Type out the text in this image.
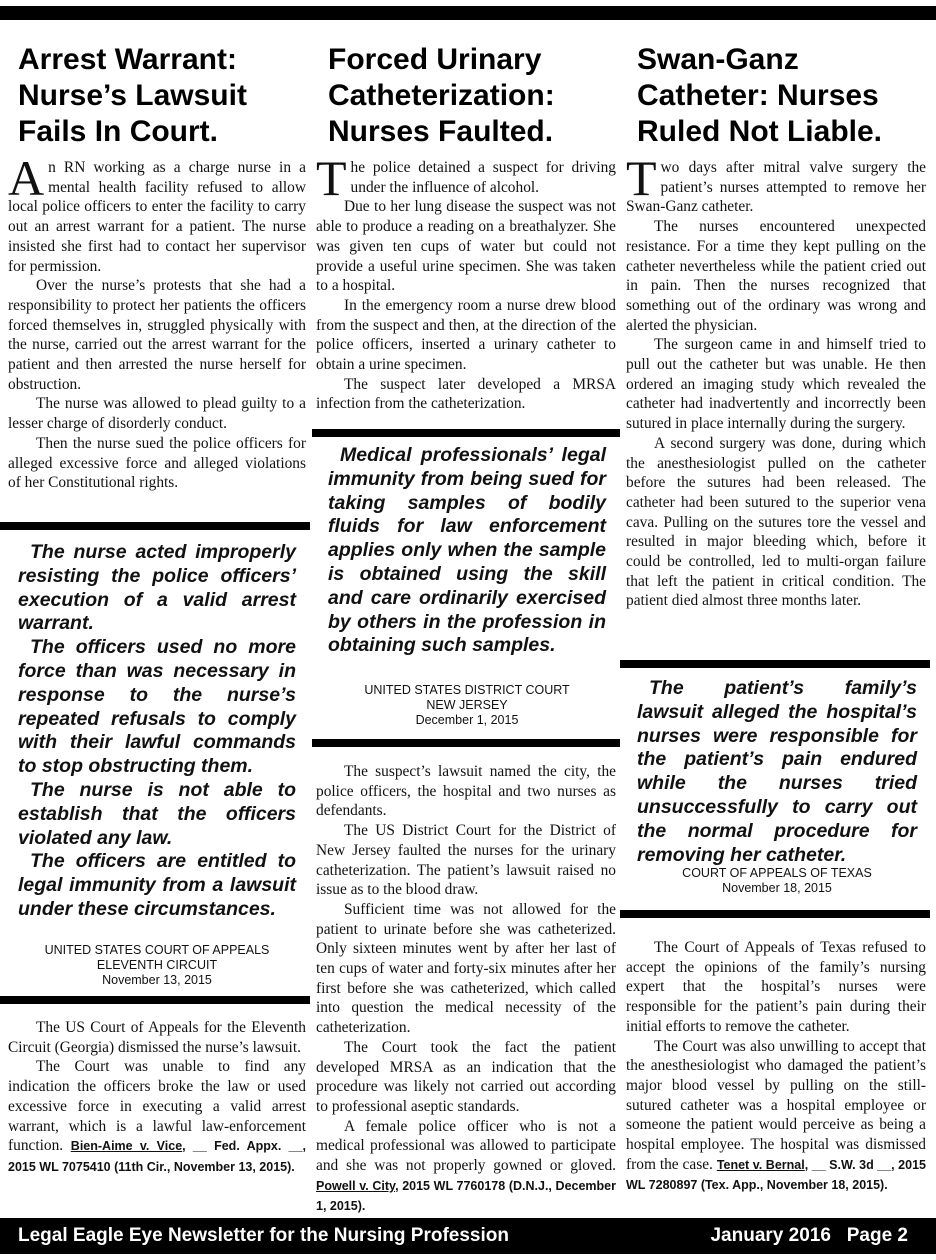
Arrest Warrant:
Nurse’s Lawsuit
Fails In Court.

An RN working as a charge nurse in a mental health facility refused to allow local police officers to enter the facility to carry out an arrest warrant for a patient. The nurse insisted she first had to contact her supervisor for permission.

Over the nurse’s protests that she had a responsibility to protect her patients the officers forced themselves in, struggled physically with the nurse, carried out the arrest warrant for the patient and then arrested the nurse herself for obstruction.

The nurse was allowed to plead guilty to a lesser charge of disorderly conduct.

Then the nurse sued the police officers for alleged excessive force and alleged violations of her Constitutional rights.

The nurse acted improperly resisting the police officers’ execution of a valid arrest warrant.

The officers used no more force than was necessary in response to the nurse’s repeated refusals to comply with their lawful commands to stop obstructing them.

The nurse is not able to establish that the officers violated any law.

The officers are entitled to legal immunity from a lawsuit under these circumstances.

UNITED STATES COURT OF APPEALS
ELEVENTH CIRCUIT
November 13, 2015

The US Court of Appeals for the Eleventh Circuit (Georgia) dismissed the nurse’s lawsuit.

The Court was unable to find any indication the officers broke the law or used excessive force in executing a valid arrest warrant, which is a lawful law-enforcement function. Bien-Aime v. Vice, __ Fed. Appx. __, 2015 WL 7075410 (11th Cir., November 13, 2015).

Forced Urinary
Catheterization:
Nurses Faulted.

The police detained a suspect for driving under the influence of alcohol.

Due to her lung disease the suspect was not able to produce a reading on a breathalyzer. She was given ten cups of water but could not provide a useful urine specimen. She was taken to a hospital.

In the emergency room a nurse drew blood from the suspect and then, at the direction of the police officers, inserted a urinary catheter to obtain a urine specimen.

The suspect later developed a MRSA infection from the catheterization.

Medical professionals’ legal immunity from being sued for taking samples of bodily fluids for law enforcement applies only when the sample is obtained using the skill and care ordinarily exercised by others in the profession in obtaining such samples.

UNITED STATES DISTRICT COURT
NEW JERSEY
December 1, 2015

The suspect’s lawsuit named the city, the police officers, the hospital and two nurses as defendants.

The US District Court for the District of New Jersey faulted the nurses for the urinary catheterization. The patient’s lawsuit raised no issue as to the blood draw.

Sufficient time was not allowed for the patient to urinate before she was catheterized. Only sixteen minutes went by after her last of ten cups of water and forty-six minutes after her first before she was catheterized, which called into question the medical necessity of the catheterization.

The Court took the fact the patient developed MRSA as an indication that the procedure was likely not carried out according to professional aseptic standards.

A female police officer who is not a medical professional was allowed to participate and she was not properly gowned or gloved. Powell v. City, 2015 WL 7760178 (D.N.J., December 1, 2015).

Swan-Ganz
Catheter: Nurses
Ruled Not Liable.

Two days after mitral valve surgery the patient’s nurses attempted to remove her Swan-Ganz catheter.

The nurses encountered unexpected resistance. For a time they kept pulling on the catheter nevertheless while the patient cried out in pain. Then the nurses recognized that something out of the ordinary was wrong and alerted the physician.

The surgeon came in and himself tried to pull out the catheter but was unable. He then ordered an imaging study which revealed the catheter had inadvertently and incorrectly been sutured in place internally during the surgery.

A second surgery was done, during which the anesthesiologist pulled on the catheter before the sutures had been released. The catheter had been sutured to the superior vena cava. Pulling on the sutures tore the vessel and resulted in major bleeding which, before it could be controlled, led to multi-organ failure that left the patient in critical condition. The patient died almost three months later.

The patient’s family’s lawsuit alleged the hospital’s nurses were responsible for the patient’s pain endured while the nurses tried unsuccessfully to carry out the normal procedure for removing her catheter.

COURT OF APPEALS OF TEXAS
November 18, 2015

The Court of Appeals of Texas refused to accept the opinions of the family’s nursing expert that the hospital’s nurses were responsible for the patient’s pain during their initial efforts to remove the catheter.

The Court was also unwilling to accept that the anesthesiologist who damaged the patient’s major blood vessel by pulling on the still-sutured catheter was a hospital employee or someone the patient would perceive as being a hospital employee. The hospital was dismissed from the case. Tenet v. Bernal, __ S.W. 3d __, 2015 WL 7280897 (Tex. App., November 18, 2015).

Legal Eagle Eye Newsletter for the Nursing Profession	January 2016 Page 2
